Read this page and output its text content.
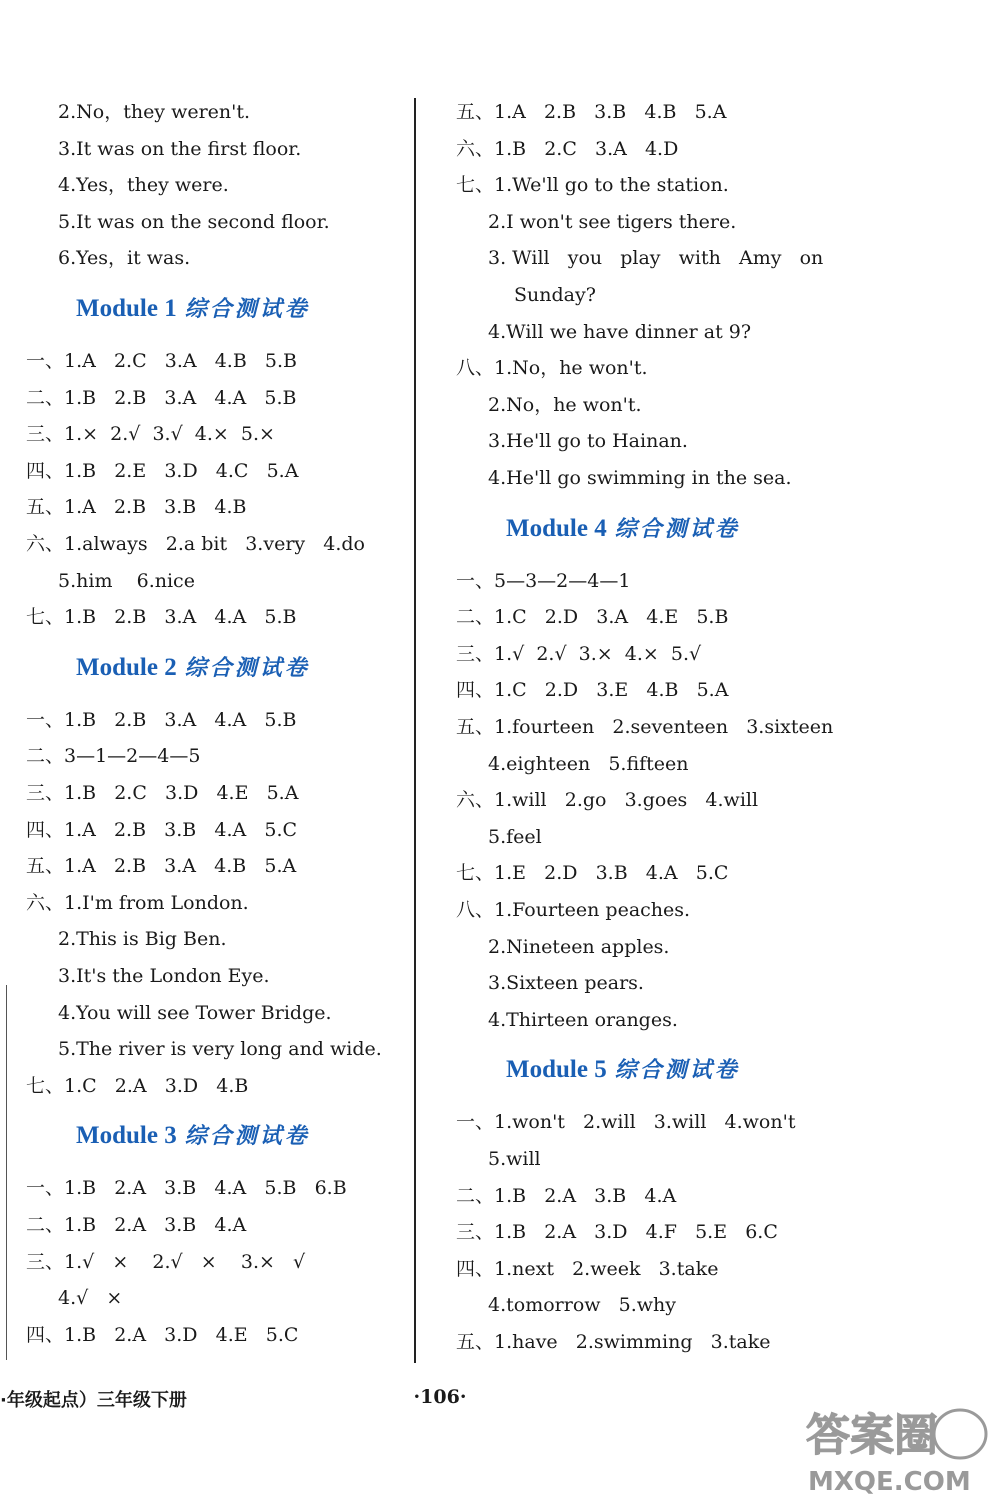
2.No，they weren't.
3.It was on the first floor.
4.Yes，they were.
5.It was on the second floor.
6.Yes，it was.
Module 1 综合测试卷
一、1.A   2.C   3.A   4.B   5.B
二、1.B   2.B   3.A   4.A   5.B
三、1.×  2.√  3.√  4.×  5.×
四、1.B   2.E   3.D   4.C   5.A
五、1.A   2.B   3.B   4.B
六、1.always   2.a bit   3.very   4.do
5.him    6.nice
七、1.B   2.B   3.A   4.A   5.B
Module 2 综合测试卷
一、1.B   2.B   3.A   4.A   5.B
二、3—1—2—4—5
三、1.B   2.C   3.D   4.E   5.A
四、1.A   2.B   3.B   4.A   5.C
五、1.A   2.B   3.A   4.B   5.A
六、1.I'm from London.
2.This is Big Ben.
3.It's the London Eye.
4.You will see Tower Bridge.
5.The river is very long and wide.
七、1.C   2.A   3.D   4.B
Module 3 综合测试卷
一、1.B   2.A   3.B   4.A   5.B   6.B
二、1.B   2.A   3.B   4.A
三、1.√   ×    2.√   ×    3.×   √
4.√   ×
四、1.B   2.A   3.D   4.E   5.C
五、1.A   2.B   3.B   4.B   5.A
六、1.B   2.C   3.A   4.D
七、1.We'll go to the station.
2.I won't see tigers there.
3. Will   you   play   with   Amy   on
Sunday?
4.Will we have dinner at 9?
八、1.No，he won't.
2.No，he won't.
3.He'll go to Hainan.
4.He'll go swimming in the sea.
Module 4 综合测试卷
一、5—3—2—4—1
二、1.C   2.D   3.A   4.E   5.B
三、1.√  2.√  3.×  4.×  5.√
四、1.C   2.D   3.E   4.B   5.A
五、1.fourteen   2.seventeen   3.sixteen
4.eighteen   5.fifteen
六、1.will   2.go   3.goes   4.will
5.feel
七、1.E   2.D   3.B   4.A   5.C
八、1.Fourteen peaches.
2.Nineteen apples.
3.Sixteen pears.
4.Thirteen oranges.
Module 5 综合测试卷
一、1.won't   2.will   3.will   4.won't
5.will
二、1.B   2.A   3.B   4.A
三、1.B   2.A   3.D   4.F   5.E   6.C
四、1.next   2.week   3.take
4.tomorrow   5.why
五、1.have   2.swimming   3.take
·年级起点）三年级下册	·106·
答案圈
MXQE.COM
